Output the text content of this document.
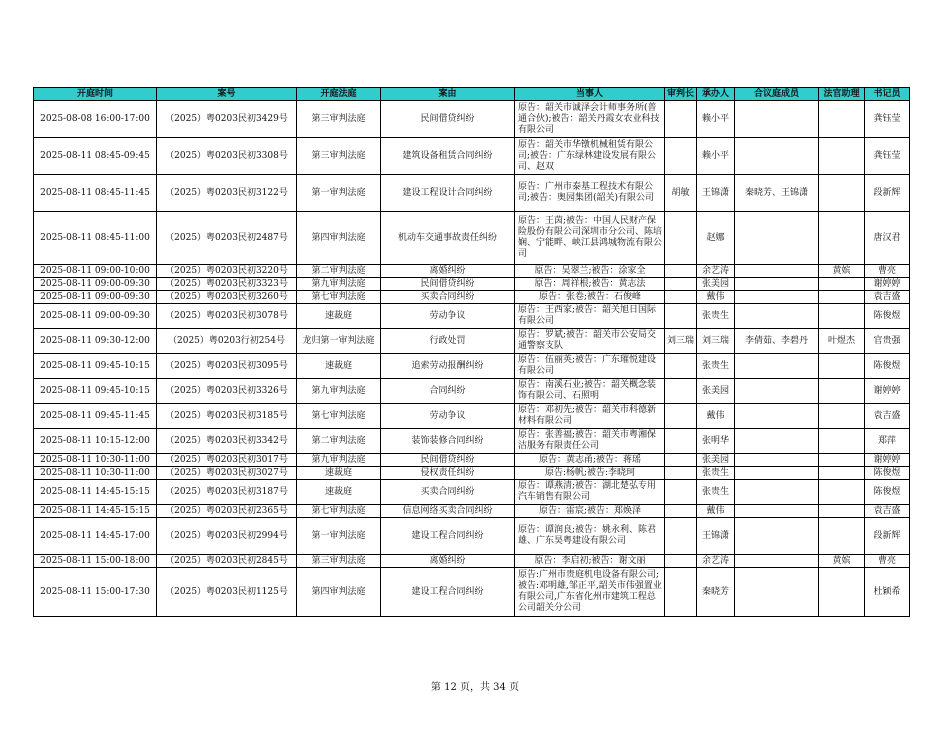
开庭时间	案号	开庭法庭	案由	当事人	审判长	承办人	合议庭成员	法官助理	书记员
2025-08-08 16:00-17:00	（2025）粤0203民初3429号	第三审判法庭	民间借贷纠纷	原告：韶关市诚泽会计师事务所(普通合伙);被告：韶关丹霞女农业科技有限公司		赖小平			龚钰莹
2025-08-11 08:45-09:45	（2025）粤0203民初3308号	第三审判法庭	建筑设备租赁合同纠纷	原告：韶关市华镦机械租赁有限公司;被告：广东绿林建设发展有限公司、赵双		赖小平			龚钰莹
2025-08-11 08:45-11:45	（2025）粤0203民初3122号	第一审判法庭	建设工程设计合同纠纷	原告：广州市泰基工程技术有限公司;被告：奥园集团(韶关)有限公司	胡敏	王锦潇	秦晓芳、王锦潇		段新辉
2025-08-11 08:45-11:00	（2025）粤0203民初2487号	第四审判法庭	机动车交通事故责任纠纷	原告：王茵;被告：中国人民财产保险股份有限公司深圳市分公司、陈培娴、宁能畔、峡江县鸿城物流有限公司		赵娜			唐汉君
2025-08-11 09:00-10:00	（2025）粤0203民初3220号	第二审判法庭	离婚纠纷	原告：吴翠兰;被告：涂家全		余艺涛		黄嫔	曹亮
2025-08-11 09:00-09:30	（2025）粤0203民初3323号	第九审判法庭	民间借贷纠纷	原告：周祥根;被告：黄志法		张美园			谢婷婷
2025-08-11 09:00-09:30	（2025）粤0203民初3260号	第七审判法庭	买卖合同纠纷	原告：张卷;被告：石俊峰		戴伟			袁吉盛
2025-08-11 09:00-09:30	（2025）粤0203民初3078号	速裁庭	劳动争议	原告：王西家;被告：韶关旭日国际有限公司		张贵生			陈俊煜
2025-08-11 09:30-12:00	（2025）粤0203行初254号	龙归第一审判法庭	行政处罚	原告：罗斌;被告：韶关市公安局交通警察支队	刘三瑞	刘三瑞	李倩茹、李碧丹	叶煜杰	官贵强
2025-08-11 09:45-10:15	（2025）粤0203民初3095号	速裁庭	追索劳动报酬纠纷	原告：伍丽英;被告：广东璀悦建设有限公司		张贵生			陈俊煜
2025-08-11 09:45-10:15	（2025）粤0203民初3326号	第九审判法庭	合同纠纷	原告：南溪石业;被告：韶关概念装饰有限公司、石照明		张美园			谢婷婷
2025-08-11 09:45-11:45	（2025）粤0203民初3185号	第七审判法庭	劳动争议	原告：邓初先;被告：韶关市科德新材料有限公司		戴伟			袁吉盛
2025-08-11 10:15-12:00	（2025）粤0203民初3342号	第二审判法庭	装饰装修合同纠纷	原告：张善福;被告：韶关市粤湘保洁服务有限责任公司		张明华			郑萍
2025-08-11 10:30-11:00	（2025）粤0203民初3017号	第九审判法庭	民间借贷纠纷	原告：黄志甬;被告：蒋瑶		张美园			谢婷婷
2025-08-11 10:30-11:00	（2025）粤0203民初3027号	速裁庭	侵权责任纠纷	原告:杨帆;被告:李晓珂		张贵生			陈俊煜
2025-08-11 14:45-15:15	（2025）粤0203民初3187号	速裁庭	买卖合同纠纷	原告：谭燕清;被告：湖北楚弘专用汽车销售有限公司		张贵生			陈俊煜
2025-08-11 14:45-15:15	（2025）粤0203民初2365号	第七审判法庭	信息网络买卖合同纠纷	原告：雷宸;被告：郑焕泽		戴伟			袁吉盛
2025-08-11 14:45-17:00	（2025）粤0203民初2994号	第一审判法庭	建设工程合同纠纷	原告：谭润良;被告：姚永利、陈君雄、广东昊粤建设有限公司		王锦潇			段新辉
2025-08-11 15:00-18:00	（2025）粤0203民初2845号	第三审判法庭	离婚纠纷	原告：李启初;被告：谢文丽		余艺涛		黄嫔	曹亮
2025-08-11 15:00-17:30	（2025）粤0203民初1125号	第四审判法庭	建设工程合同纠纷	原告:广州市贵庭机电设备有限公司;被告:邓明雄,邹正平,韶关市伟强置业有限公司,广东省化州市建筑工程总公司韶关分公司		秦晓芳			杜颖希
第 12 页，共 34 页
